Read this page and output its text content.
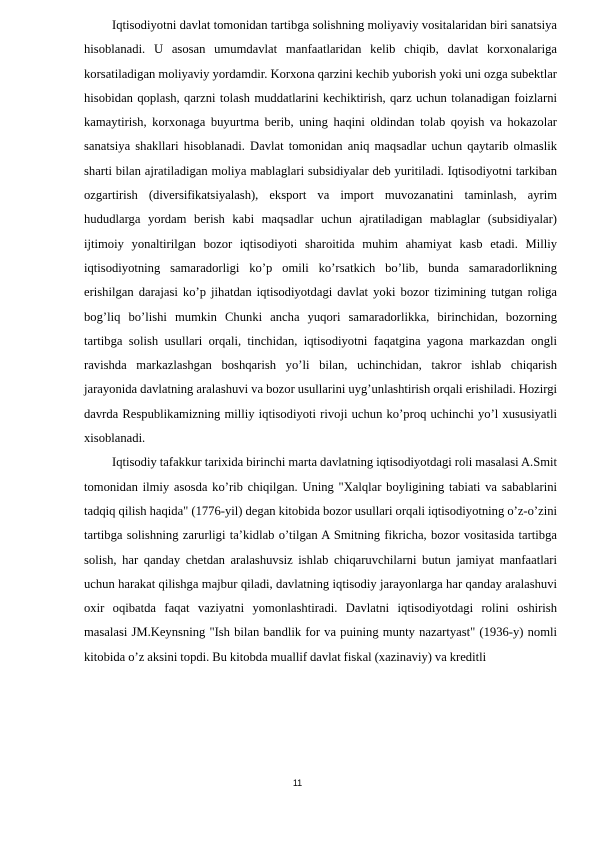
Iqtisodiyotni davlat tomonidan tartibga solishning moliyaviy vositalaridan biri sanatsiya hisoblanadi. U asosan umumdavlat manfaatlaridan kelib chiqib, davlat korxonalariga korsatiladigan moliyaviy yordamdir. Korxona qarzini kechib yuborish yoki uni ozga subektlar hisobidan qoplash, qarzni tolash muddatlarini kechiktirish, qarz uchun tolanadigan foizlarni kamaytirish, korxonaga buyurtma berib, uning haqini oldindan tolab qoyish va hokazolar sanatsiya shakllari hisoblanadi. Davlat tomonidan aniq maqsadlar uchun qaytarib olmaslik sharti bilan ajratiladigan moliya mablaglari subsidiyalar deb yuritiladi. Iqtisodiyotni tarkiban ozgartirish (diversifikatsiyalash), eksport va import muvozanatini taminlash, ayrim hududlarga yordam berish kabi maqsadlar uchun ajratiladigan mablaglar (subsidiyalar) ijtimoiy yonaltirilgan bozor iqtisodiyoti sharoitida muhim ahamiyat kasb etadi. Milliy iqtisodiyotning samaradorligi ko’p omili ko’rsatkich bo’lib, bunda samaradorlikning erishilgan darajasi ko’p jihatdan iqtisodiyotdagi davlat yoki bozor tizimining tutgan roliga bog’liq bo’lishi mumkin Chunki ancha yuqori samaradorlikka, birinchidan, bozorning tartibga solish usullari orqali, tinchidan, iqtisodiyotni faqatgina yagona markazdan ongli ravishda markazlashgan boshqarish yo’li bilan, uchinchidan, takror ishlab chiqarish jarayonida davlatning aralashuvi va bozor usullarini uyg’unlashtirish orqali erishiladi. Hozirgi davrda Respublikamizning milliy iqtisodiyoti rivoji uchun ko’proq uchinchi yo’l xususiyatli xisoblanadi.

Iqtisodiy tafakkur tarixida birinchi marta davlatning iqtisodiyotdagi roli masalasi A.Smit tomonidan ilmiy asosda ko’rib chiqilgan. Uning "Xalqlar boyligining tabiati va sabablarini tadqiq qilish haqida" (1776-yil) degan kitobida bozor usullari orqali iqtisodiyotning o’z-o’zini tartibga solishning zarurligi ta’kidlab o’tilgan A Smitning fikricha, bozor vositasida tartibga solish, har qanday chetdan aralashuvsiz ishlab chiqaruvchilarni butun jamiyat manfaatlari uchun harakat qilishga majbur qiladi, davlatning iqtisodiy jarayonlarga har qanday aralashuvi oxir oqibatda faqat vaziyatni yomonlashtiradi. Davlatni iqtisodiyotdagi rolini oshirish masalasi JM.Keynsning "Ish bilan bandlik for va puining munty nazartyast" (1936-y) nomli kitobida o’z aksini topdi. Bu kitobda muallif davlat fiskal (xazinaviy) va kreditli

11
